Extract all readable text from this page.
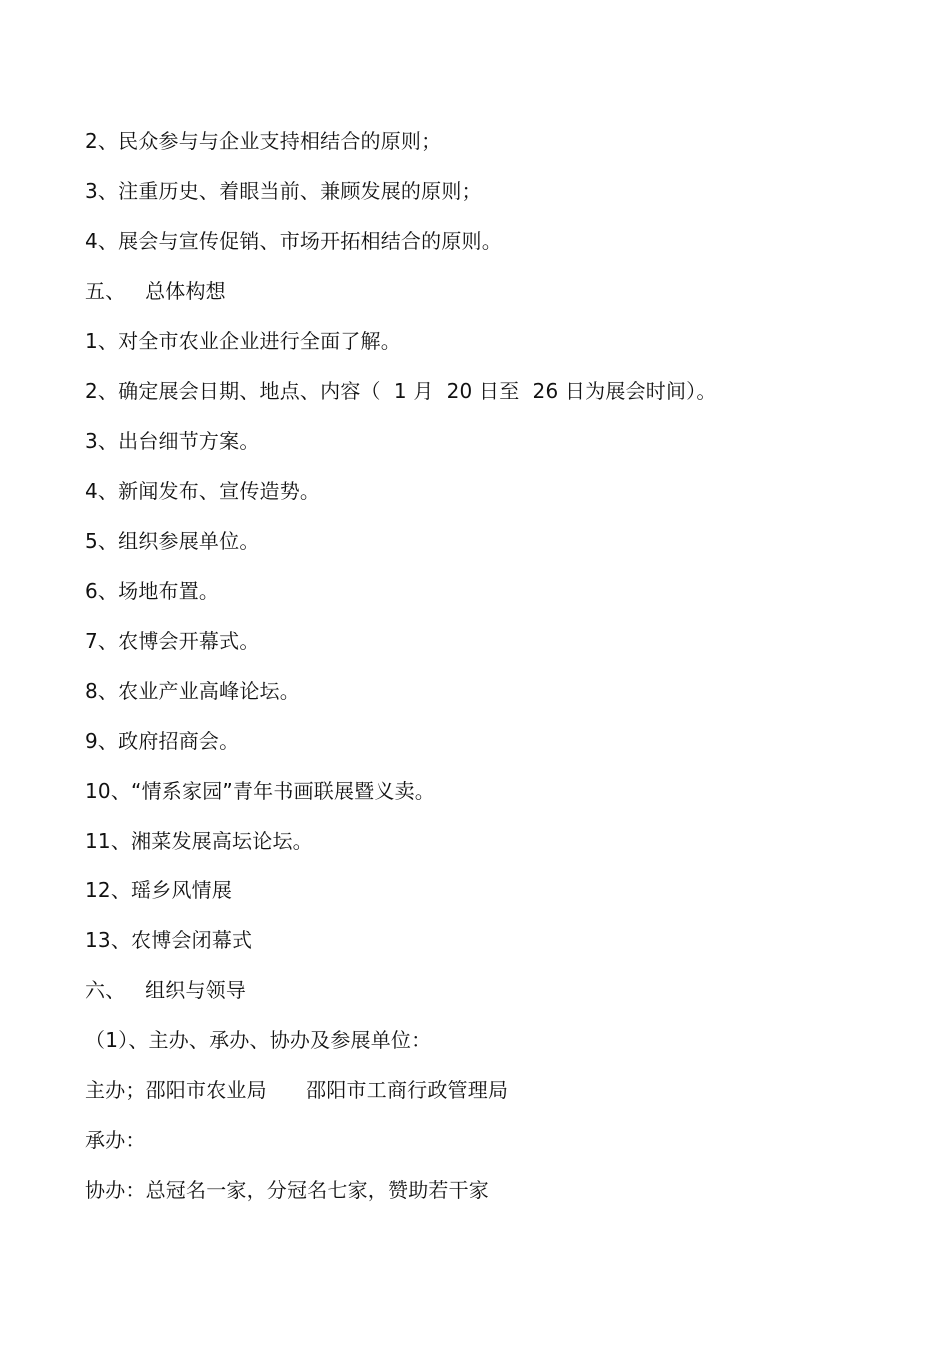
2、民众参与与企业支持相结合的原则；
3、注重历史、着眼当前、兼顾发展的原则；
4、展会与宣传促销、市场开拓相结合的原则。
五、   总体构想
1、对全市农业企业进行全面了解。
2、确定展会日期、地点、内容（  1 月  20 日至  26 日为展会时间）。
3、出台细节方案。
4、新闻发布、宣传造势。
5、组织参展单位。
6、场地布置。
7、农博会开幕式。
8、农业产业高峰论坛。
9、政府招商会。
10、“情系家园”青年书画联展暨义卖。
11、湘菜发展高坛论坛。
12、瑶乡风情展
13、农博会闭幕式
六、   组织与领导
（1）、主办、承办、协办及参展单位：
主办；邵阳市农业局      邵阳市工商行政管理局
承办：
协办：总冠名一家，分冠名七家，赞助若干家
